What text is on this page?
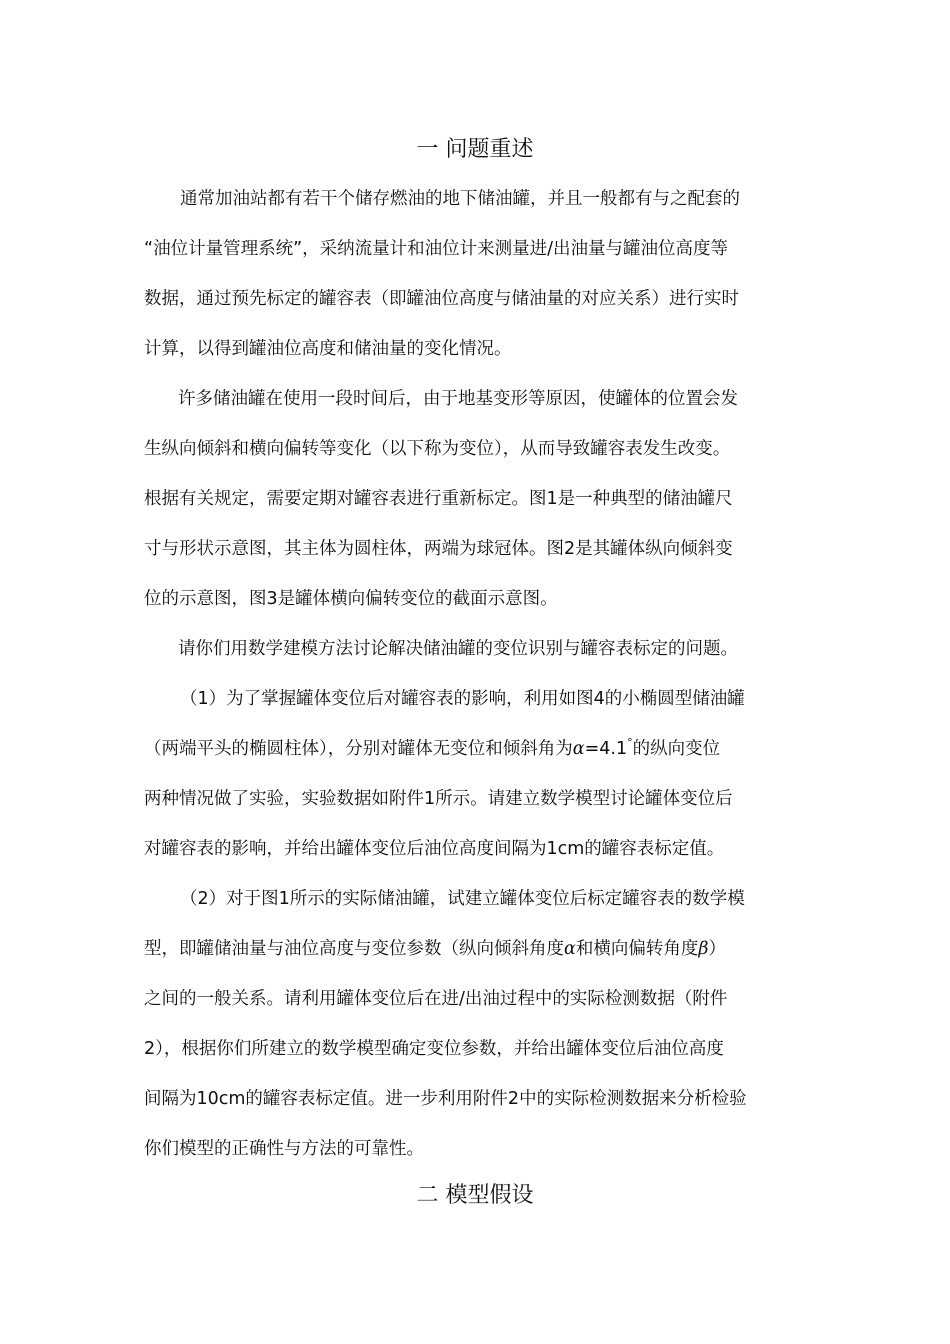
一 问题重述
通常加油站都有若干个储存燃油的地下储油罐，并且一般都有与之配套的
“油位计量管理系统”，采纳流量计和油位计来测量进/出油量与罐油位高度等
数据，通过预先标定的罐容表（即罐油位高度与储油量的对应关系）进行实时
计算，以得到罐油位高度和储油量的变化情况。
许多储油罐在使用一段时间后，由于地基变形等原因，使罐体的位置会发
生纵向倾斜和横向偏转等变化（以下称为变位），从而导致罐容表发生改变。
根据有关规定，需要定期对罐容表进行重新标定。图1是一种典型的储油罐尺
寸与形状示意图，其主体为圆柱体，两端为球冠体。图2是其罐体纵向倾斜变
位的示意图，图3是罐体横向偏转变位的截面示意图。
请你们用数学建模方法讨论解决储油罐的变位识别与罐容表标定的问题。
（1）为了掌握罐体变位后对罐容表的影响，利用如图4的小椭圆型储油罐
（两端平头的椭圆柱体），分别对罐体无变位和倾斜角为ɑ=4.1°的纵向变位
两种情况做了实验，实验数据如附件1所示。请建立数学模型讨论罐体变位后
对罐容表的影响，并给出罐体变位后油位高度间隔为1cm的罐容表标定值。
（2）对于图1所示的实际储油罐，试建立罐体变位后标定罐容表的数学模
型，即罐储油量与油位高度与变位参数（纵向倾斜角度ɑ和横向偏转角度β）
之间的一般关系。请利用罐体变位后在进/出油过程中的实际检测数据（附件
2），根据你们所建立的数学模型确定变位参数，并给出罐体变位后油位高度
间隔为10cm的罐容表标定值。进一步利用附件2中的实际检测数据来分析检验
你们模型的正确性与方法的可靠性。
二 模型假设
